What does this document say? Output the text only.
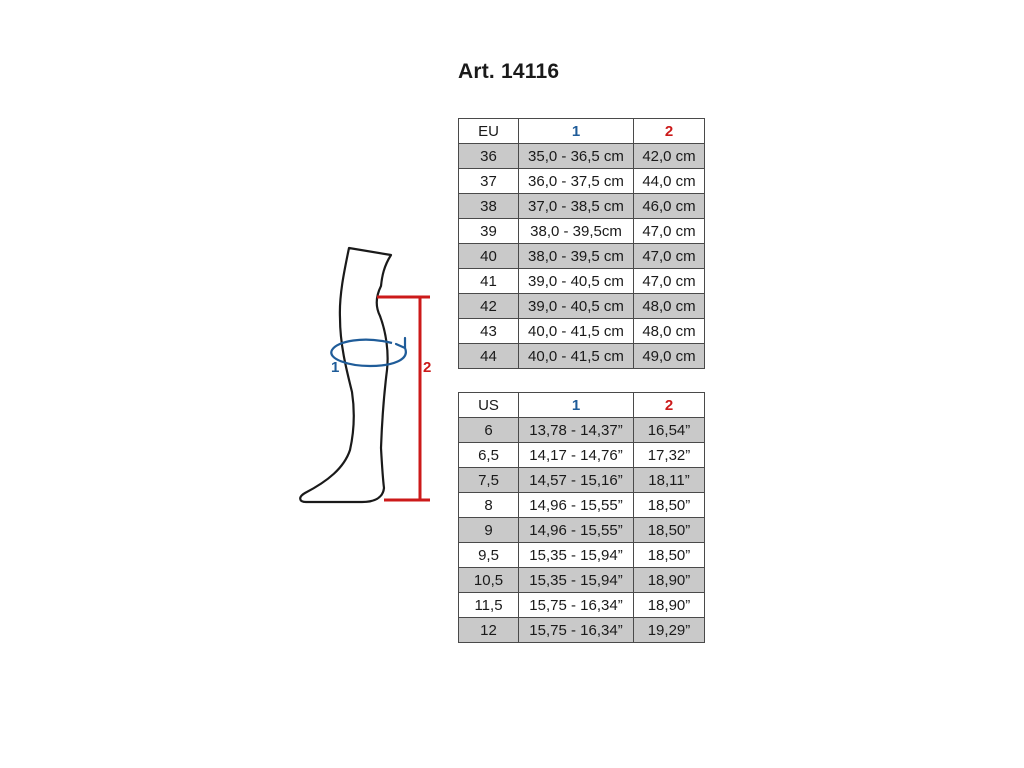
Art. 14116
1	2
EU	1	2
36	35,0 - 36,5 cm	42,0 cm
37	36,0 - 37,5 cm	44,0 cm
38	37,0 - 38,5 cm	46,0 cm
39	38,0 - 39,5cm	47,0 cm
40	38,0 - 39,5 cm	47,0 cm
41	39,0 - 40,5 cm	47,0 cm
42	39,0 - 40,5 cm	48,0 cm
43	40,0 - 41,5 cm	48,0 cm
44	40,0 - 41,5 cm	49,0 cm
US	1	2
6	13,78 - 14,37”	16,54”
6,5	14,17 - 14,76”	17,32”
7,5	14,57 - 15,16”	18,11”
8	14,96 - 15,55”	18,50”
9	14,96 - 15,55”	18,50”
9,5	15,35 - 15,94”	18,50”
10,5	15,35 - 15,94”	18,90”
11,5	15,75 - 16,34”	18,90”
12	15,75 - 16,34”	19,29”
